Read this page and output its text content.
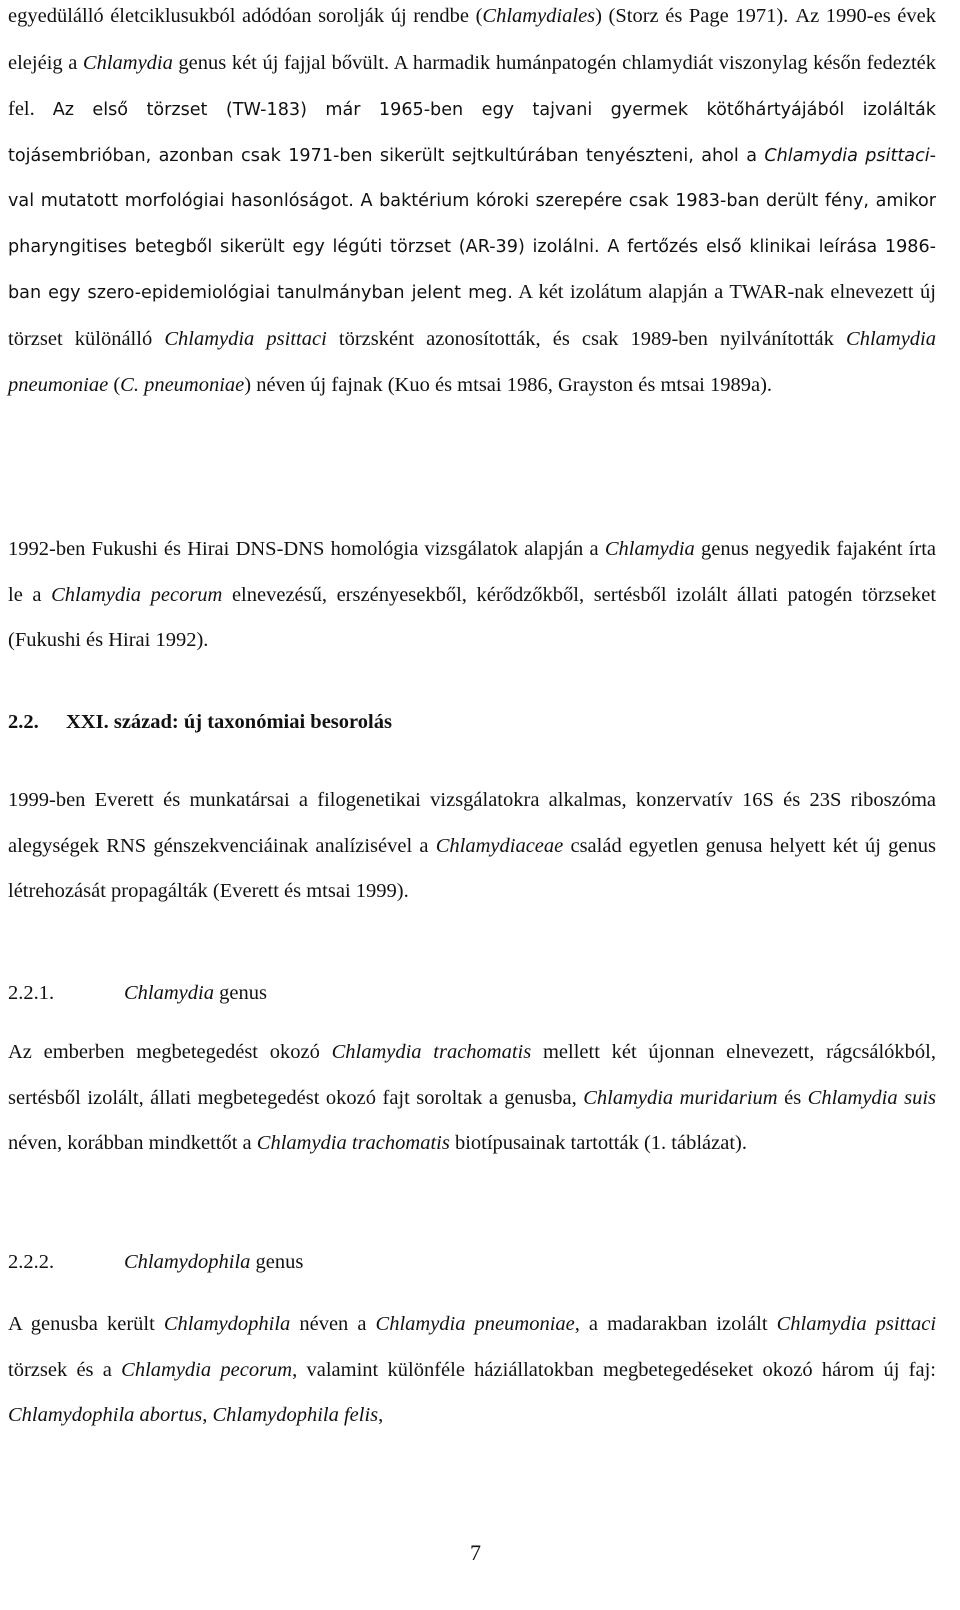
egyedülálló életciklusukból adódóan sorolják új rendbe (Chlamydiales) (Storz és Page 1971). Az 1990-es évek elejéig a Chlamydia genus két új fajjal bővült. A harmadik humánpatogén chlamydiát viszonylag későn fedezték fel. Az első törzset (TW-183) már 1965-ben egy tajvani gyermek kötőhártyájából izolálták tojásembrióban, azonban csak 1971-ben sikerült sejtkultúrában tenyészteni, ahol a Chlamydia psittaci-val mutatott morfológiai hasonlóságot. A baktérium kóroki szerepére csak 1983-ban derült fény, amikor pharyngitises betegből sikerült egy légúti törzset (AR-39) izolálni. A fertőzés első klinikai leírása 1986-ban egy szero-epidemiológiai tanulmányban jelent meg. A két izolátum alapján a TWAR-nak elnevezett új törzset különálló Chlamydia psittaci törzsként azonosították, és csak 1989-ben nyilvánították Chlamydia pneumoniae (C. pneumoniae) néven új fajnak (Kuo és mtsai 1986, Grayston és mtsai 1989a).

1992-ben Fukushi és Hirai DNS-DNS homológia vizsgálatok alapján a Chlamydia genus negyedik fajaként írta le a Chlamydia pecorum elnevezésű, erszényesekből, kérődzőkből, sertésből izolált állati patogén törzseket (Fukushi és Hirai 1992).

2.2. XXI. század: új taxonómiai besorolás

1999-ben Everett és munkatársai a filogenetikai vizsgálatokra alkalmas, konzervatív 16S és 23S riboszóma alegységek RNS génszekvenciáinak analízisével a Chlamydiaceae család egyetlen genusa helyett két új genus létrehozását propagálták (Everett és mtsai 1999).

2.2.1.	Chlamydia genus

Az emberben megbetegedést okozó Chlamydia trachomatis mellett két újonnan elnevezett, rágcsálókból, sertésből izolált, állati megbetegedést okozó fajt soroltak a genusba, Chlamydia muridarium és Chlamydia suis néven, korábban mindkettőt a Chlamydia trachomatis biotípusainak tartották (1. táblázat).

2.2.2.	Chlamydophila genus

A genusba került Chlamydophila néven a Chlamydia pneumoniae, a madarakban izolált Chlamydia psittaci törzsek és a Chlamydia pecorum, valamint különféle háziállatokban megbetegedéseket okozó három új faj: Chlamydophila abortus, Chlamydophila felis,

7
